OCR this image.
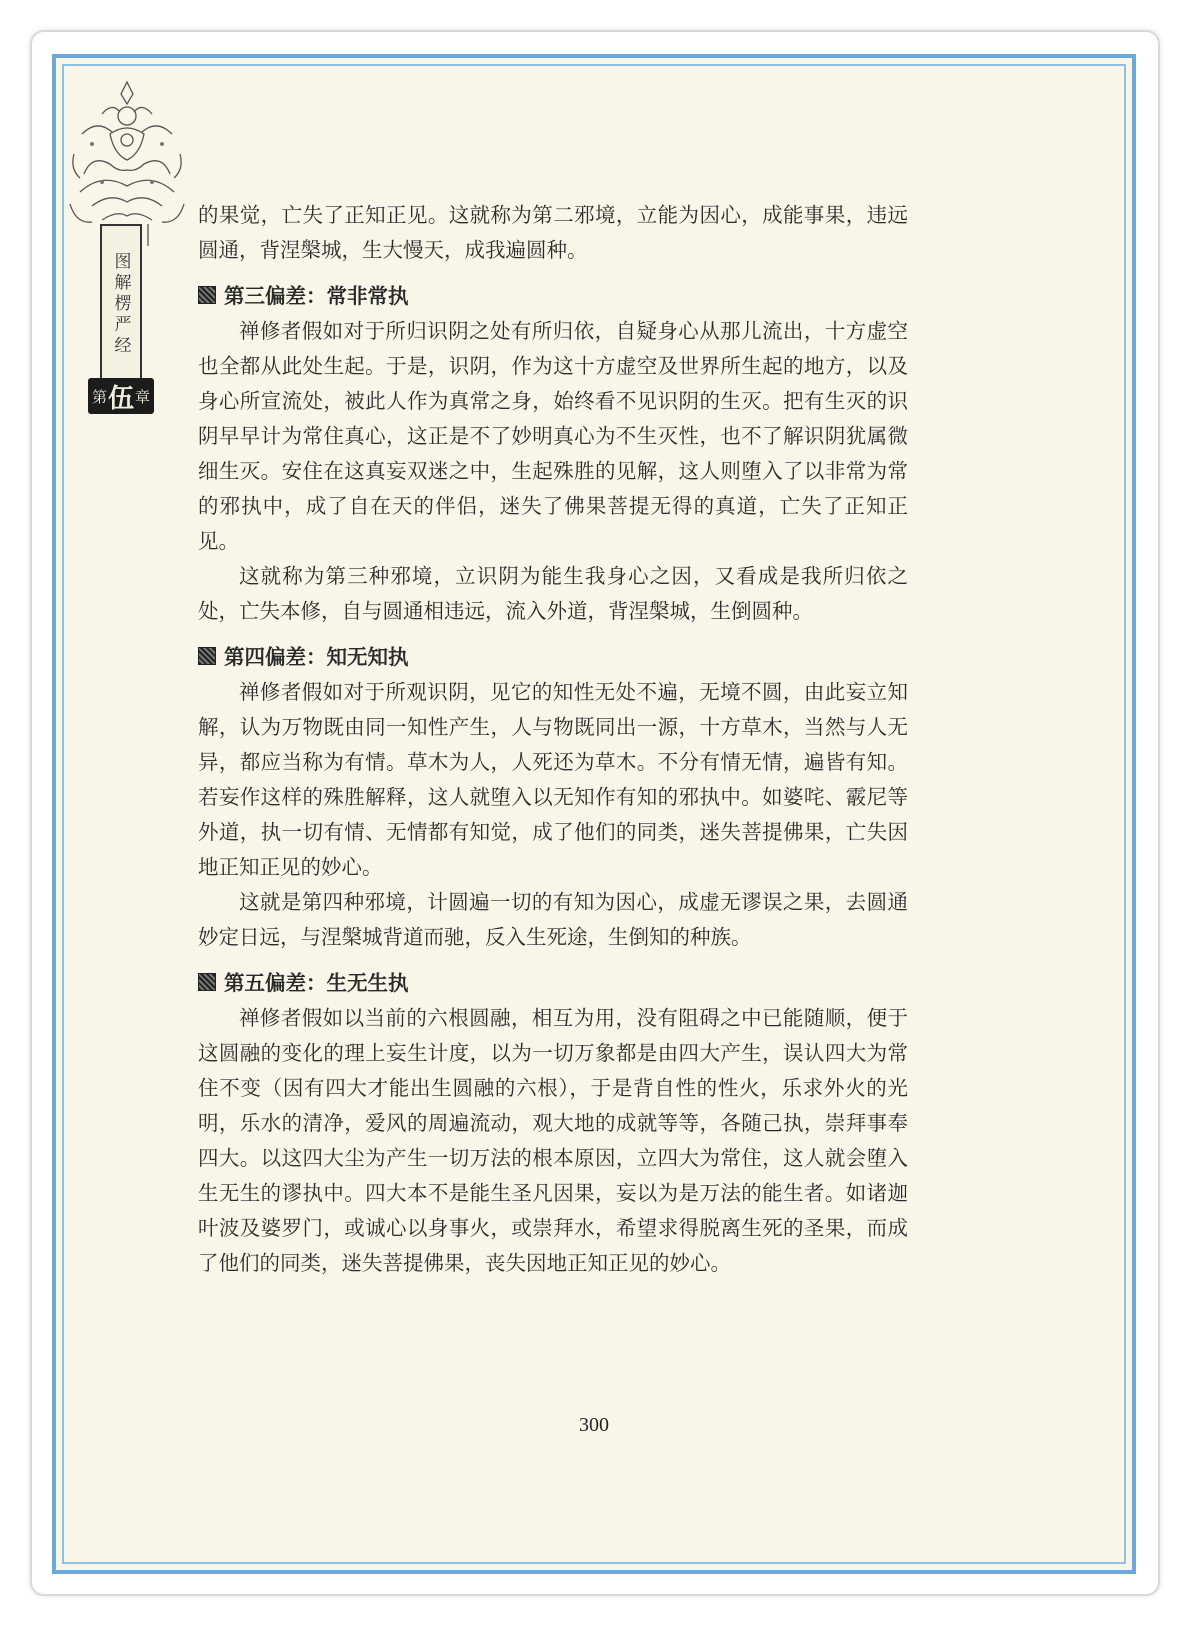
图解楞严经
第 伍 章

的果觉，亡失了正知正见。这就称为第二邪境，立能为因心，成能事果，违远圆通，背涅槃城，生大慢天，成我遍圆种。

第三偏差：常非常执

禅修者假如对于所归识阴之处有所归依，自疑身心从那儿流出，十方虚空也全都从此处生起。于是，识阴，作为这十方虚空及世界所生起的地方，以及身心所宣流处，被此人作为真常之身，始终看不见识阴的生灭。把有生灭的识阴早早计为常住真心，这正是不了妙明真心为不生灭性，也不了解识阴犹属微细生灭。安住在这真妄双迷之中，生起殊胜的见解，这人则堕入了以非常为常的邪执中，成了自在天的伴侣，迷失了佛果菩提无得的真道，亡失了正知正见。

这就称为第三种邪境，立识阴为能生我身心之因，又看成是我所归依之处，亡失本修，自与圆通相违远，流入外道，背涅槃城，生倒圆种。

第四偏差：知无知执

禅修者假如对于所观识阴，见它的知性无处不遍，无境不圆，由此妄立知解，认为万物既由同一知性产生，人与物既同出一源，十方草木，当然与人无异，都应当称为有情。草木为人，人死还为草木。不分有情无情，遍皆有知。若妄作这样的殊胜解释，这人就堕入以无知作有知的邪执中。如婆咤、霰尼等外道，执一切有情、无情都有知觉，成了他们的同类，迷失菩提佛果，亡失因地正知正见的妙心。

这就是第四种邪境，计圆遍一切的有知为因心，成虚无谬误之果，去圆通妙定日远，与涅槃城背道而驰，反入生死途，生倒知的种族。

第五偏差：生无生执

禅修者假如以当前的六根圆融，相互为用，没有阻碍之中已能随顺，便于这圆融的变化的理上妄生计度，以为一切万象都是由四大产生，误认四大为常住不变（因有四大才能出生圆融的六根），于是背自性的性火，乐求外火的光明，乐水的清净，爱风的周遍流动，观大地的成就等等，各随己执，崇拜事奉四大。以这四大尘为产生一切万法的根本原因，立四大为常住，这人就会堕入生无生的谬执中。四大本不是能生圣凡因果，妄以为是万法的能生者。如诸迦叶波及婆罗门，或诚心以身事火，或崇拜水，希望求得脱离生死的圣果，而成了他们的同类，迷失菩提佛果，丧失因地正知正见的妙心。

300
